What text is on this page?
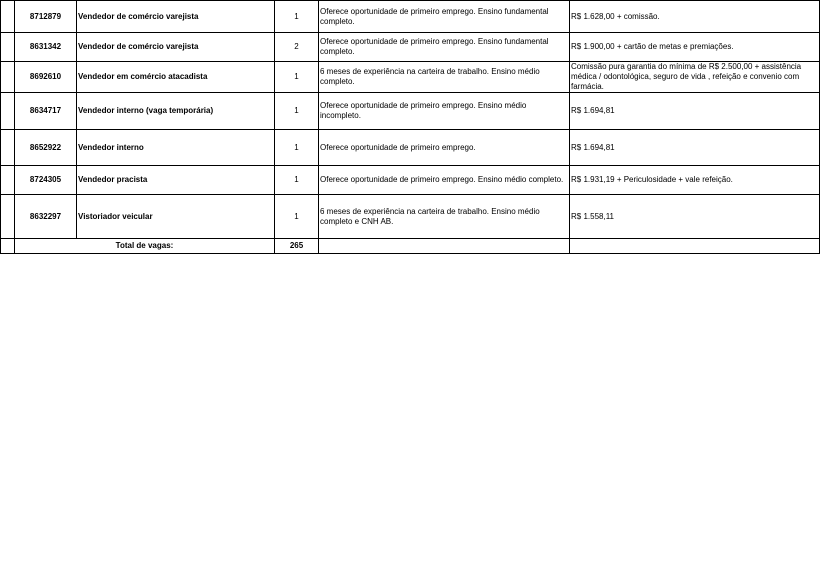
	8712879	Vendedor de comércio varejista	1	Oferece oportunidade de primeiro emprego. Ensino fundamental completo.	R$ 1.628,00 + comissão.
	8631342	Vendedor de comércio varejista	2	Oferece oportunidade de primeiro emprego. Ensino fundamental completo.	R$ 1.900,00 + cartão de metas e premiações.
	8692610	Vendedor em comércio atacadista	1	6 meses de experiência na carteira de trabalho. Ensino médio completo.	Comissão pura garantia do mínima de R$ 2.500,00 + assistência médica / odontológica, seguro de vida , refeição e convenio com farmácia.
	8634717	Vendedor interno (vaga temporária)	1	Oferece oportunidade de primeiro emprego. Ensino médio incompleto.	R$ 1.694,81
	8652922	Vendedor interno	1	Oferece oportunidade de primeiro emprego.	R$ 1.694,81
	8724305	Vendedor pracista	1	Oferece oportunidade de primeiro emprego. Ensino médio completo.	R$ 1.931,19 + Periculosidade + vale refeição.
	8632297	Vistoriador veicular	1	6 meses de experiência na carteira de trabalho. Ensino médio completo e CNH AB.	R$ 1.558,11
	Total de vagas:		265		
